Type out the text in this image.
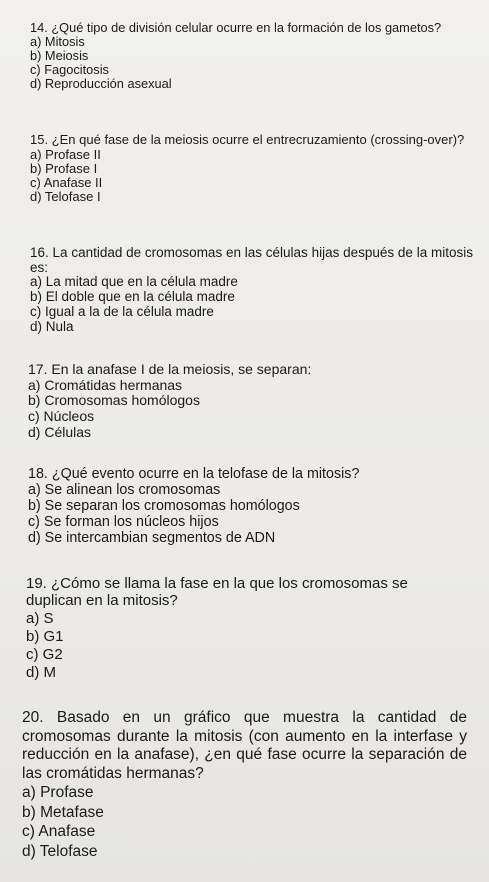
14. ¿Qué tipo de división celular ocurre en la formación de los gametos?

a) Mitosis
b) Meiosis
c) Fagocitosis
d) Reproducción asexual

15. ¿En qué fase de la meiosis ocurre el entrecruzamiento (crossing-over)?

a) Profase II
b) Profase I
c) Anafase II
d) Telofase I

16. La cantidad de cromosomas en las células hijas después de la mitosis es:

a) La mitad que en la célula madre
b) El doble que en la célula madre
c) Igual a la de la célula madre
d) Nula

17. En la anafase I de la meiosis, se separan:

a) Cromátidas hermanas
b) Cromosomas homólogos
c) Núcleos
d) Células

18. ¿Qué evento ocurre en la telofase de la mitosis?

a) Se alinean los cromosomas
b) Se separan los cromosomas homólogos
c) Se forman los núcleos hijos
d) Se intercambian segmentos de ADN

19. ¿Cómo se llama la fase en la que los cromosomas se duplican en la mitosis?

a) S
b) G1
c) G2
d) M

20. Basado en un gráfico que muestra la cantidad de cromosomas durante la mitosis (con aumento en la interfase y reducción en la anafase), ¿en qué fase ocurre la separación de las cromátidas hermanas?

a) Profase
b) Metafase
c) Anafase
d) Telofase
